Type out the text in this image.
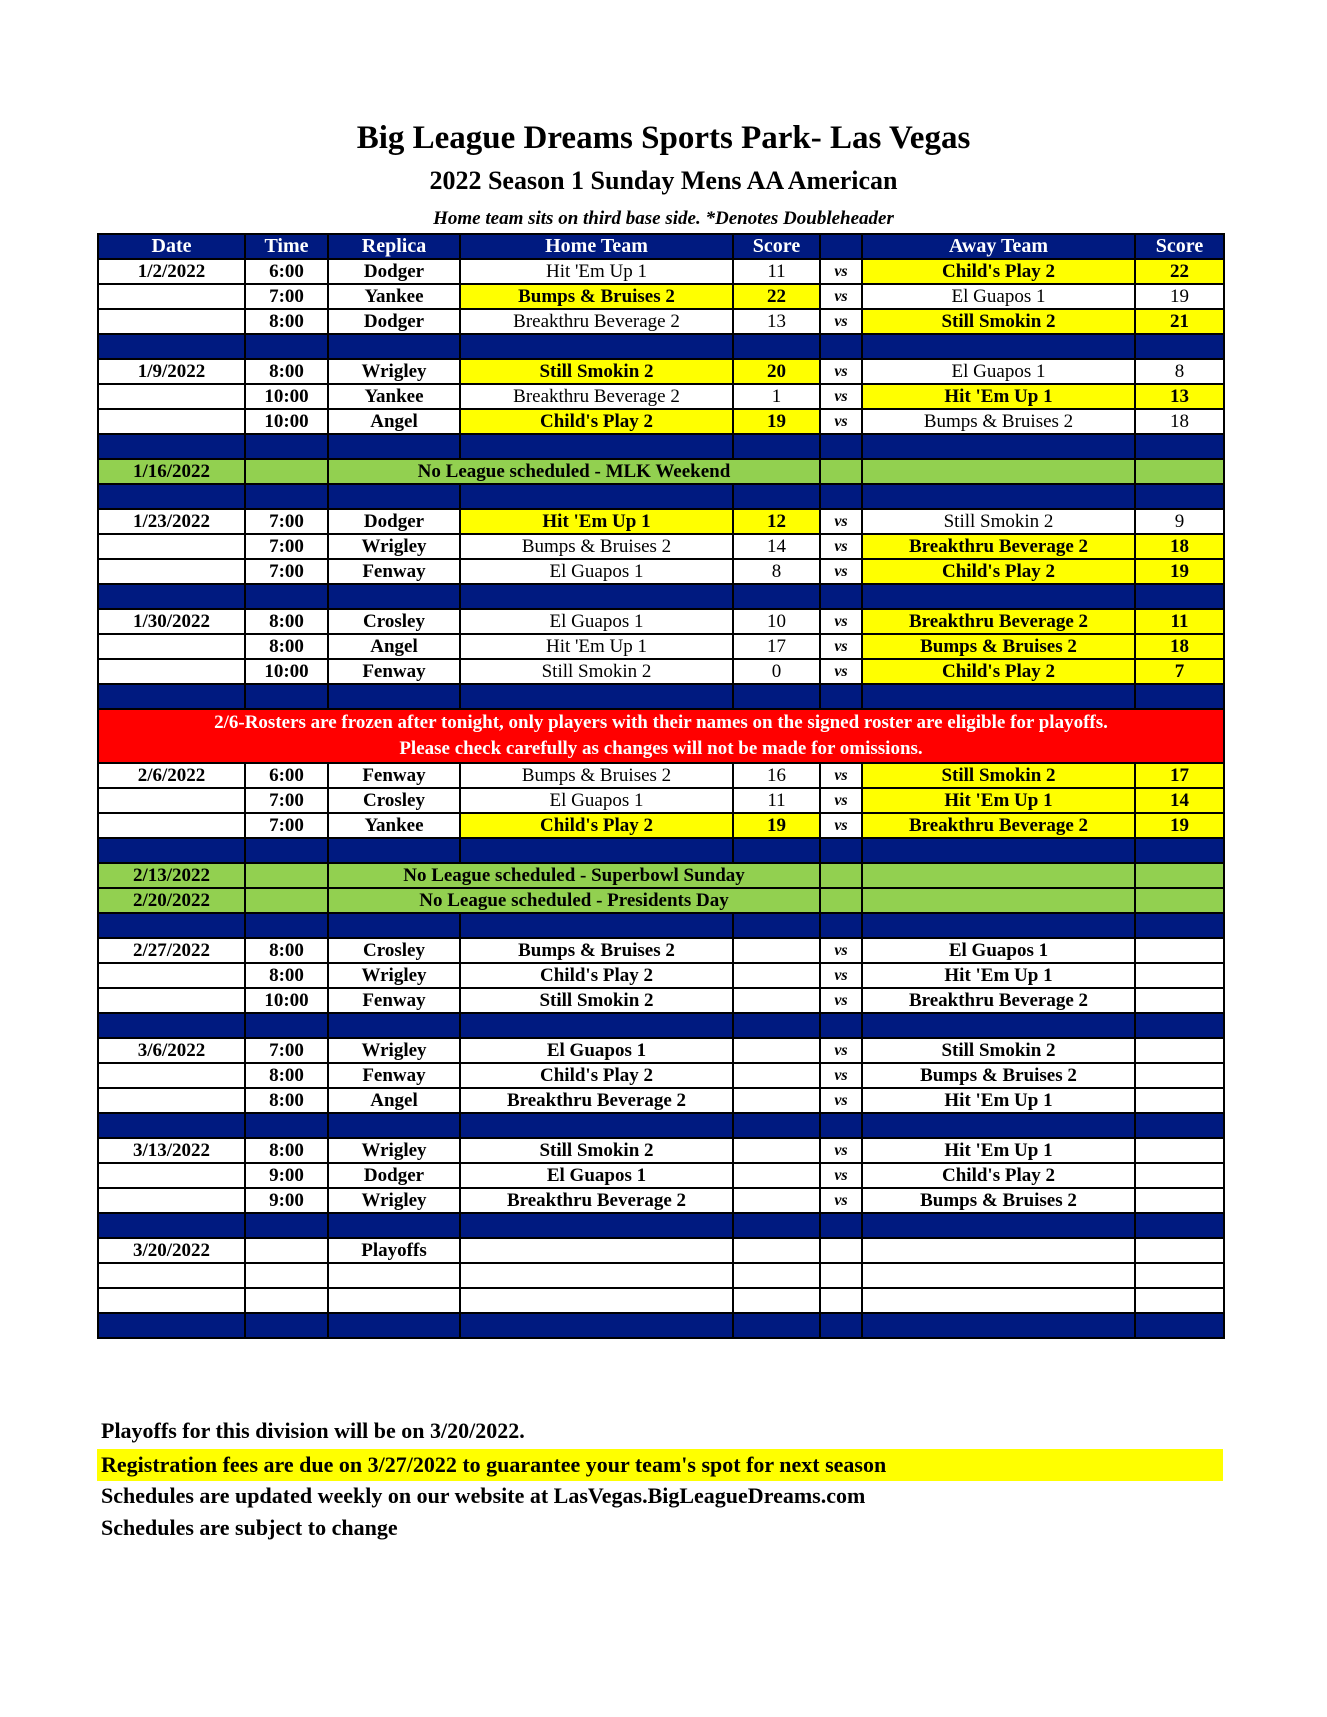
Big League Dreams Sports Park- Las Vegas
2022 Season 1 Sunday Mens AA American

Home team sits on third base side. *Denotes Doubleheader

Date	Time	Replica	Home Team	Score		Away Team	Score
1/2/2022	6:00	Dodger	Hit 'Em Up 1	11	vs	Child's Play 2	22
	7:00	Yankee	Bumps & Bruises 2	22	vs	El Guapos 1	19
	8:00	Dodger	Breakthru Beverage 2	13	vs	Still Smokin 2	21

1/9/2022	8:00	Wrigley	Still Smokin 2	20	vs	El Guapos 1	8
	10:00	Yankee	Breakthru Beverage 2	1	vs	Hit 'Em Up 1	13
	10:00	Angel	Child's Play 2	19	vs	Bumps & Bruises 2	18

1/16/2022		No League scheduled - MLK Weekend					

1/23/2022	7:00	Dodger	Hit 'Em Up 1	12	vs	Still Smokin 2	9
	7:00	Wrigley	Bumps & Bruises 2	14	vs	Breakthru Beverage 2	18
	7:00	Fenway	El Guapos 1	8	vs	Child's Play 2	19

1/30/2022	8:00	Crosley	El Guapos 1	10	vs	Breakthru Beverage 2	11
	8:00	Angel	Hit 'Em Up 1	17	vs	Bumps & Bruises 2	18
	10:00	Fenway	Still Smokin 2	0	vs	Child's Play 2	7

2/6-Rosters are frozen after tonight, only players with their names on the signed roster are eligible for playoffs.
Please check carefully as changes will not be made for omissions.							

2/6/2022	6:00	Fenway	Bumps & Bruises 2	16	vs	Still Smokin 2	17
	7:00	Crosley	El Guapos 1	11	vs	Hit 'Em Up 1	14
	7:00	Yankee	Child's Play 2	19	vs	Breakthru Beverage 2	19

2/13/2022		No League scheduled - Superbowl Sunday					
2/20/2022		No League scheduled - Presidents Day					

2/27/2022	8:00	Crosley	Bumps & Bruises 2		vs	El Guapos 1	
	8:00	Wrigley	Child's Play 2		vs	Hit 'Em Up 1	
	10:00	Fenway	Still Smokin 2		vs	Breakthru Beverage 2	

3/6/2022	7:00	Wrigley	El Guapos 1		vs	Still Smokin 2	
	8:00	Fenway	Child's Play 2		vs	Bumps & Bruises 2	
	8:00	Angel	Breakthru Beverage 2		vs	Hit 'Em Up 1	

3/13/2022	8:00	Wrigley	Still Smokin 2		vs	Hit 'Em Up 1	
	9:00	Dodger	El Guapos 1		vs	Child's Play 2	
	9:00	Wrigley	Breakthru Beverage 2		vs	Bumps & Bruises 2	

3/20/2022		Playoffs					

Playoffs for this division will be on 3/20/2022.

Registration fees are due on 3/27/2022 to guarantee your team's spot for next season

Schedules are updated weekly on our website at LasVegas.BigLeagueDreams.com

Schedules are subject to change
